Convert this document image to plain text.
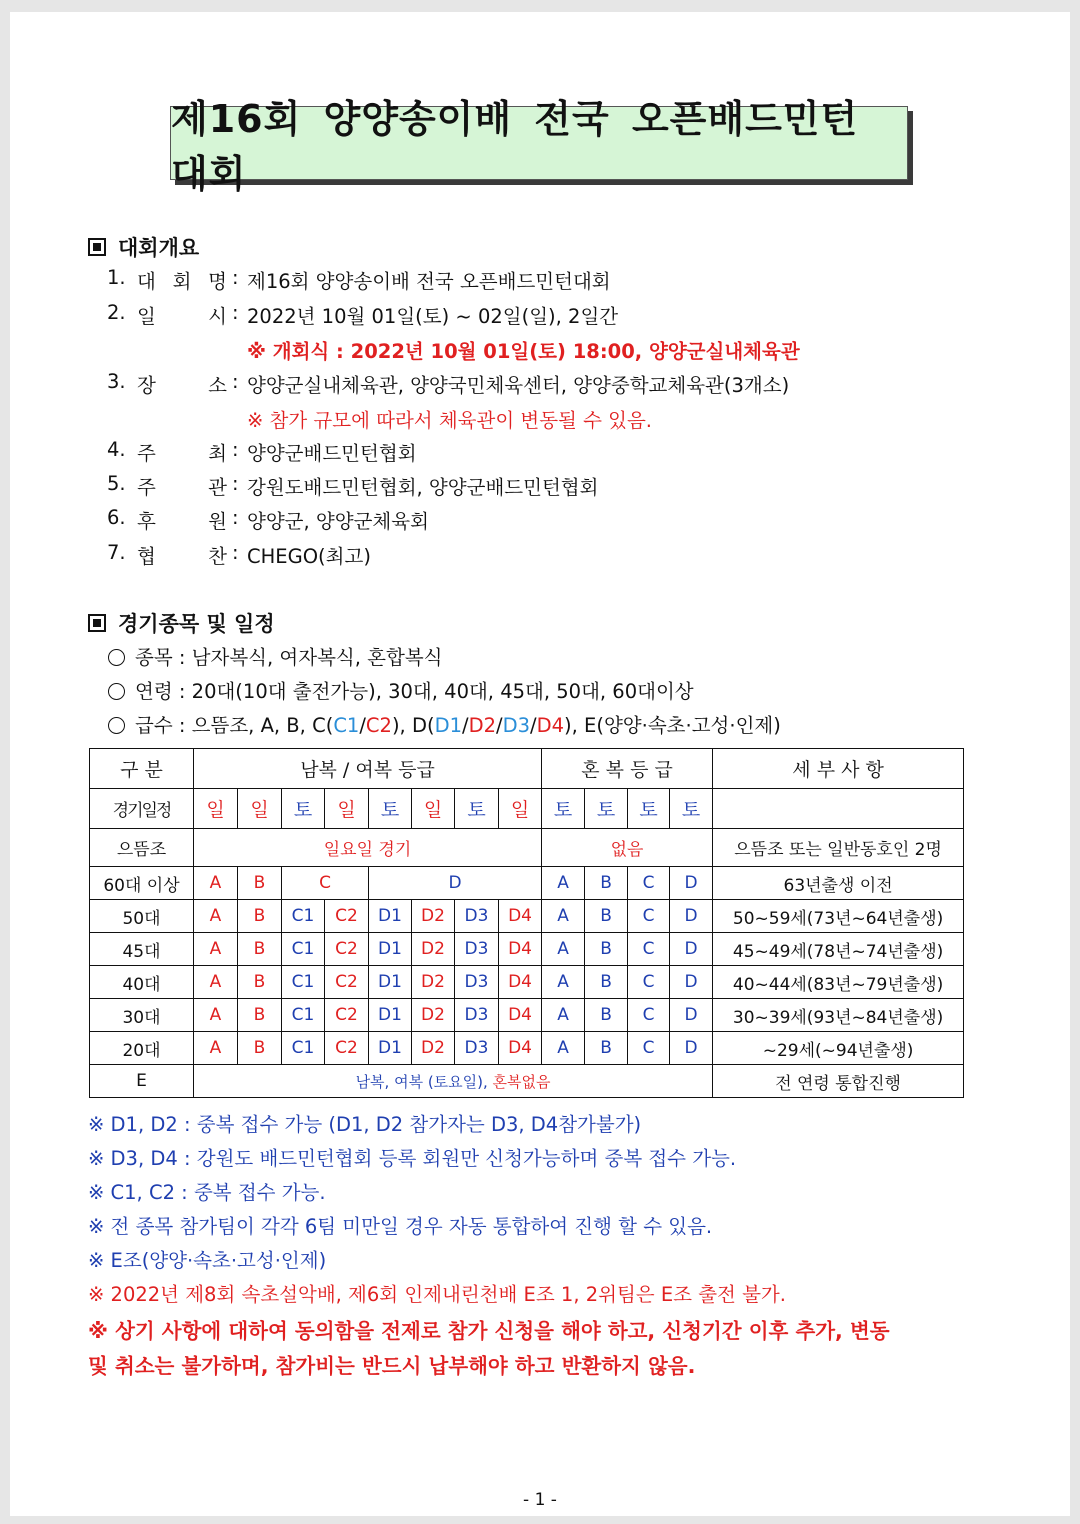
제16회 양양송이배 전국 오픈배드민턴 대회
대회개요
1. 대 회 명 : 제16회 양양송이배 전국 오픈배드민턴대회
2. 일	시 : 2022년 10월 01일(토) ~ 02일(일), 2일간
※ 개회식 : 2022년 10월 01일(토) 18:00, 양양군실내체육관
3. 장	소 : 양양군실내체육관, 양양국민체육센터, 양양중학교체육관(3개소)
※ 참가 규모에 따라서 체육관이 변동될 수 있음.
4. 주	최 : 양양군배드민턴협회
5. 주	관 : 강원도배드민턴협회, 양양군배드민턴협회
6. 후	원 : 양양군, 양양군체육회
7. 협	찬 : CHEGO(최고)
경기종목 및 일정
종목 : 남자복식, 여자복식, 혼합복식
연령 : 20대(10대 출전가능), 30대, 40대, 45대, 50대, 60대이상
급수 : 으뜸조, A, B, C(C1/C2), D(D1/D2/D3/D4), E(양양·속초·고성·인제)
구 분	남복 / 여복 등급								혼 복 등 급				세 부 사 항
경기일정	일	일	토	일	토	일	토	일	토	토	토	토	
으뜸조	일요일 경기								없음				으뜸조 또는 일반동호인 2명
60대 이상	A	B	C		D				A	B	C	D	63년출생 이전
50대	A	B	C1	C2	D1	D2	D3	D4	A	B	C	D	50~59세(73년~64년출생)
45대	A	B	C1	C2	D1	D2	D3	D4	A	B	C	D	45~49세(78년~74년출생)
40대	A	B	C1	C2	D1	D2	D3	D4	A	B	C	D	40~44세(83년~79년출생)
30대	A	B	C1	C2	D1	D2	D3	D4	A	B	C	D	30~39세(93년~84년출생)
20대	A	B	C1	C2	D1	D2	D3	D4	A	B	C	D	~29세(~94년출생)
E	남복, 여복 (토요일), 혼복없음												전 연령 통합진행
※ D1, D2 : 중복 접수 가능 (D1, D2 참가자는 D3, D4참가불가)
※ D3, D4 : 강원도 배드민턴협회 등록 회원만 신청가능하며 중복 접수 가능.
※ C1, C2 : 중복 접수 가능.
※ 전 종목 참가팀이 각각 6팀 미만일 경우 자동 통합하여 진행 할 수 있음.
※ E조(양양·속초·고성·인제)
※ 2022년 제8회 속초설악배, 제6회 인제내린천배 E조 1, 2위팀은 E조 출전 불가.
※ 상기 사항에 대하여 동의함을 전제로 참가 신청을 해야 하고, 신청기간 이후 추가, 변동
및 취소는 불가하며, 참가비는 반드시 납부해야 하고 반환하지 않음.
- 1 -
